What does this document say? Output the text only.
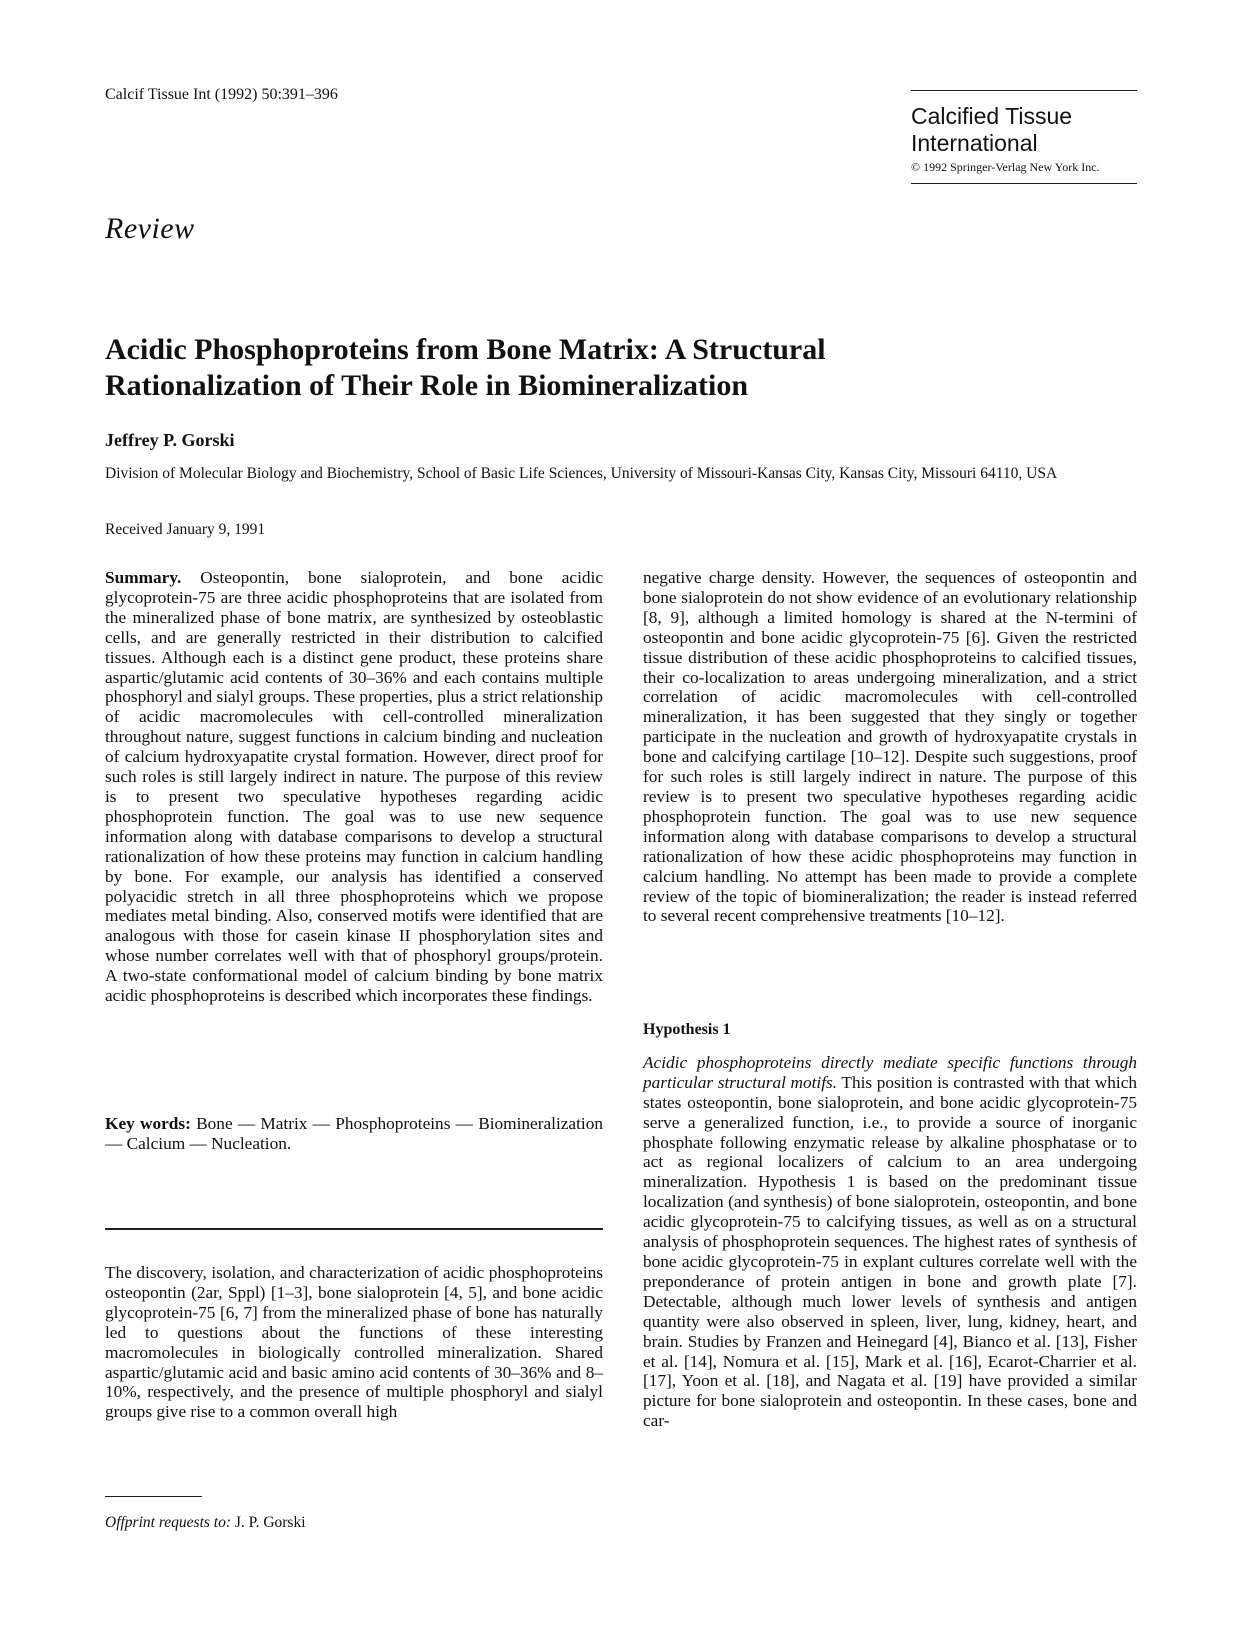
Calcif Tissue Int (1992) 50:391–396
Calcified Tissue International
© 1992 Springer-Verlag New York Inc.
Review
Acidic Phosphoproteins from Bone Matrix: A Structural Rationalization of Their Role in Biomineralization
Jeffrey P. Gorski
Division of Molecular Biology and Biochemistry, School of Basic Life Sciences, University of Missouri-Kansas City, Kansas City, Missouri 64110, USA
Received January 9, 1991

Summary. Osteopontin, bone sialoprotein, and bone acidic glycoprotein-75 are three acidic phosphoproteins that are isolated from the mineralized phase of bone matrix, are synthesized by osteoblastic cells, and are generally restricted in their distribution to calcified tissues. Although each is a distinct gene product, these proteins share aspartic/glutamic acid contents of 30–36% and each contains multiple phosphoryl and sialyl groups. These properties, plus a strict relationship of acidic macromolecules with cell-controlled mineralization throughout nature, suggest functions in calcium binding and nucleation of calcium hydroxyapatite crystal formation. However, direct proof for such roles is still largely indirect in nature. The purpose of this review is to present two speculative hypotheses regarding acidic phosphoprotein function. The goal was to use new sequence information along with database comparisons to develop a structural rationalization of how these proteins may function in calcium handling by bone. For example, our analysis has identified a conserved polyacidic stretch in all three phosphoproteins which we propose mediates metal binding. Also, conserved motifs were identified that are analogous with those for casein kinase II phosphorylation sites and whose number correlates well with that of phosphoryl groups/protein. A two-state conformational model of calcium binding by bone matrix acidic phosphoproteins is described which incorporates these findings.

Key words: Bone — Matrix — Phosphoproteins — Biomineralization — Calcium — Nucleation.

The discovery, isolation, and characterization of acidic phosphoproteins osteopontin (2ar, Sppl) [1–3], bone sialoprotein [4, 5], and bone acidic glycoprotein-75 [6, 7] from the mineralized phase of bone has naturally led to questions about the functions of these interesting macromolecules in biologically controlled mineralization. Shared aspartic/glutamic acid and basic amino acid contents of 30–36% and 8–10%, respectively, and the presence of multiple phosphoryl and sialyl groups give rise to a common overall high

negative charge density. However, the sequences of osteopontin and bone sialoprotein do not show evidence of an evolutionary relationship [8, 9], although a limited homology is shared at the N-termini of osteopontin and bone acidic glycoprotein-75 [6]. Given the restricted tissue distribution of these acidic phosphoproteins to calcified tissues, their co-localization to areas undergoing mineralization, and a strict correlation of acidic macromolecules with cell-controlled mineralization, it has been suggested that they singly or together participate in the nucleation and growth of hydroxyapatite crystals in bone and calcifying cartilage [10–12]. Despite such suggestions, proof for such roles is still largely indirect in nature. The purpose of this review is to present two speculative hypotheses regarding acidic phosphoprotein function. The goal was to use new sequence information along with database comparisons to develop a structural rationalization of how these acidic phosphoproteins may function in calcium handling. No attempt has been made to provide a complete review of the topic of biomineralization; the reader is instead referred to several recent comprehensive treatments [10–12].

Hypothesis 1

Acidic phosphoproteins directly mediate specific functions through particular structural motifs. This position is contrasted with that which states osteopontin, bone sialoprotein, and bone acidic glycoprotein-75 serve a generalized function, i.e., to provide a source of inorganic phosphate following enzymatic release by alkaline phosphatase or to act as regional localizers of calcium to an area undergoing mineralization. Hypothesis 1 is based on the predominant tissue localization (and synthesis) of bone sialoprotein, osteopontin, and bone acidic glycoprotein-75 to calcifying tissues, as well as on a structural analysis of phosphoprotein sequences. The highest rates of synthesis of bone acidic glycoprotein-75 in explant cultures correlate well with the preponderance of protein antigen in bone and growth plate [7]. Detectable, although much lower levels of synthesis and antigen quantity were also observed in spleen, liver, lung, kidney, heart, and brain. Studies by Franzen and Heinegard [4], Bianco et al. [13], Fisher et al. [14], Nomura et al. [15], Mark et al. [16], Ecarot-Charrier et al. [17], Yoon et al. [18], and Nagata et al. [19] have provided a similar picture for bone sialoprotein and osteopontin. In these cases, bone and car-

Offprint requests to: J. P. Gorski
